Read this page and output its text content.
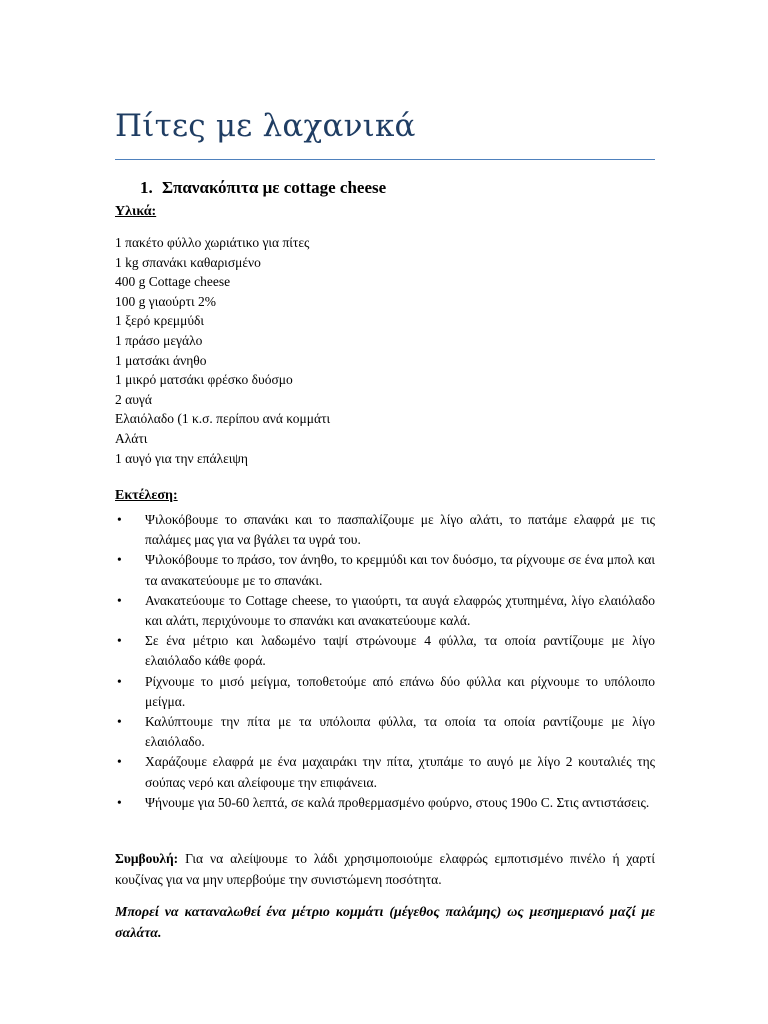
Πίτες με λαχανικά
1. Σπανακόπιτα με cottage cheese
Υλικά:
1 πακέτο φύλλο χωριάτικο για πίτες
1 kg σπανάκι καθαρισμένο
400 g Cottage cheese
100 g γιαούρτι 2%
1 ξερό κρεμμύδι
1 πράσο μεγάλο
1 ματσάκι άνηθο
1 μικρό ματσάκι φρέσκο δυόσμο
2 αυγά
Ελαιόλαδο (1 κ.σ. περίπου ανά κομμάτι
Αλάτι
1 αυγό για την επάλειψη
Εκτέλεση:
• Ψιλοκόβουμε το σπανάκι και το πασπαλίζουμε με λίγο αλάτι, το πατάμε ελαφρά με τις παλάμες μας για να βγάλει τα υγρά του.
• Ψιλοκόβουμε το πράσο, τον άνηθο, το κρεμμύδι και τον δυόσμο, τα ρίχνουμε σε ένα μπολ και τα ανακατεύουμε με το σπανάκι.
• Ανακατεύουμε το Cottage cheese, το γιαούρτι, τα αυγά ελαφρώς χτυπημένα, λίγο ελαιόλαδο και αλάτι, περιχύνουμε το σπανάκι και ανακατεύουμε καλά.
• Σε ένα μέτριο και λαδωμένο ταψί στρώνουμε 4 φύλλα, τα οποία ραντίζουμε με λίγο ελαιόλαδο κάθε φορά.
• Ρίχνουμε το μισό μείγμα, τοποθετούμε από επάνω δύο φύλλα και ρίχνουμε το υπόλοιπο μείγμα.
• Καλύπτουμε την πίτα με τα υπόλοιπα φύλλα, τα οποία τα οποία ραντίζουμε με λίγο ελαιόλαδο.
• Χαράζουμε ελαφρά με ένα μαχαιράκι την πίτα, χτυπάμε το αυγό με λίγο 2 κουταλιές της σούπας νερό και αλείφουμε την επιφάνεια.
• Ψήνουμε για 50-60 λεπτά, σε καλά προθερμασμένο φούρνο, στους 190ο C. Στις αντιστάσεις.

Συμβουλή: Για να αλείψουμε το λάδι χρησιμοποιούμε ελαφρώς εμποτισμένο πινέλο ή χαρτί κουζίνας για να μην υπερβούμε την συνιστώμενη ποσότητα.

Μπορεί να καταναλωθεί ένα μέτριο κομμάτι (μέγεθος παλάμης) ως μεσημεριανό μαζί με σαλάτα.
